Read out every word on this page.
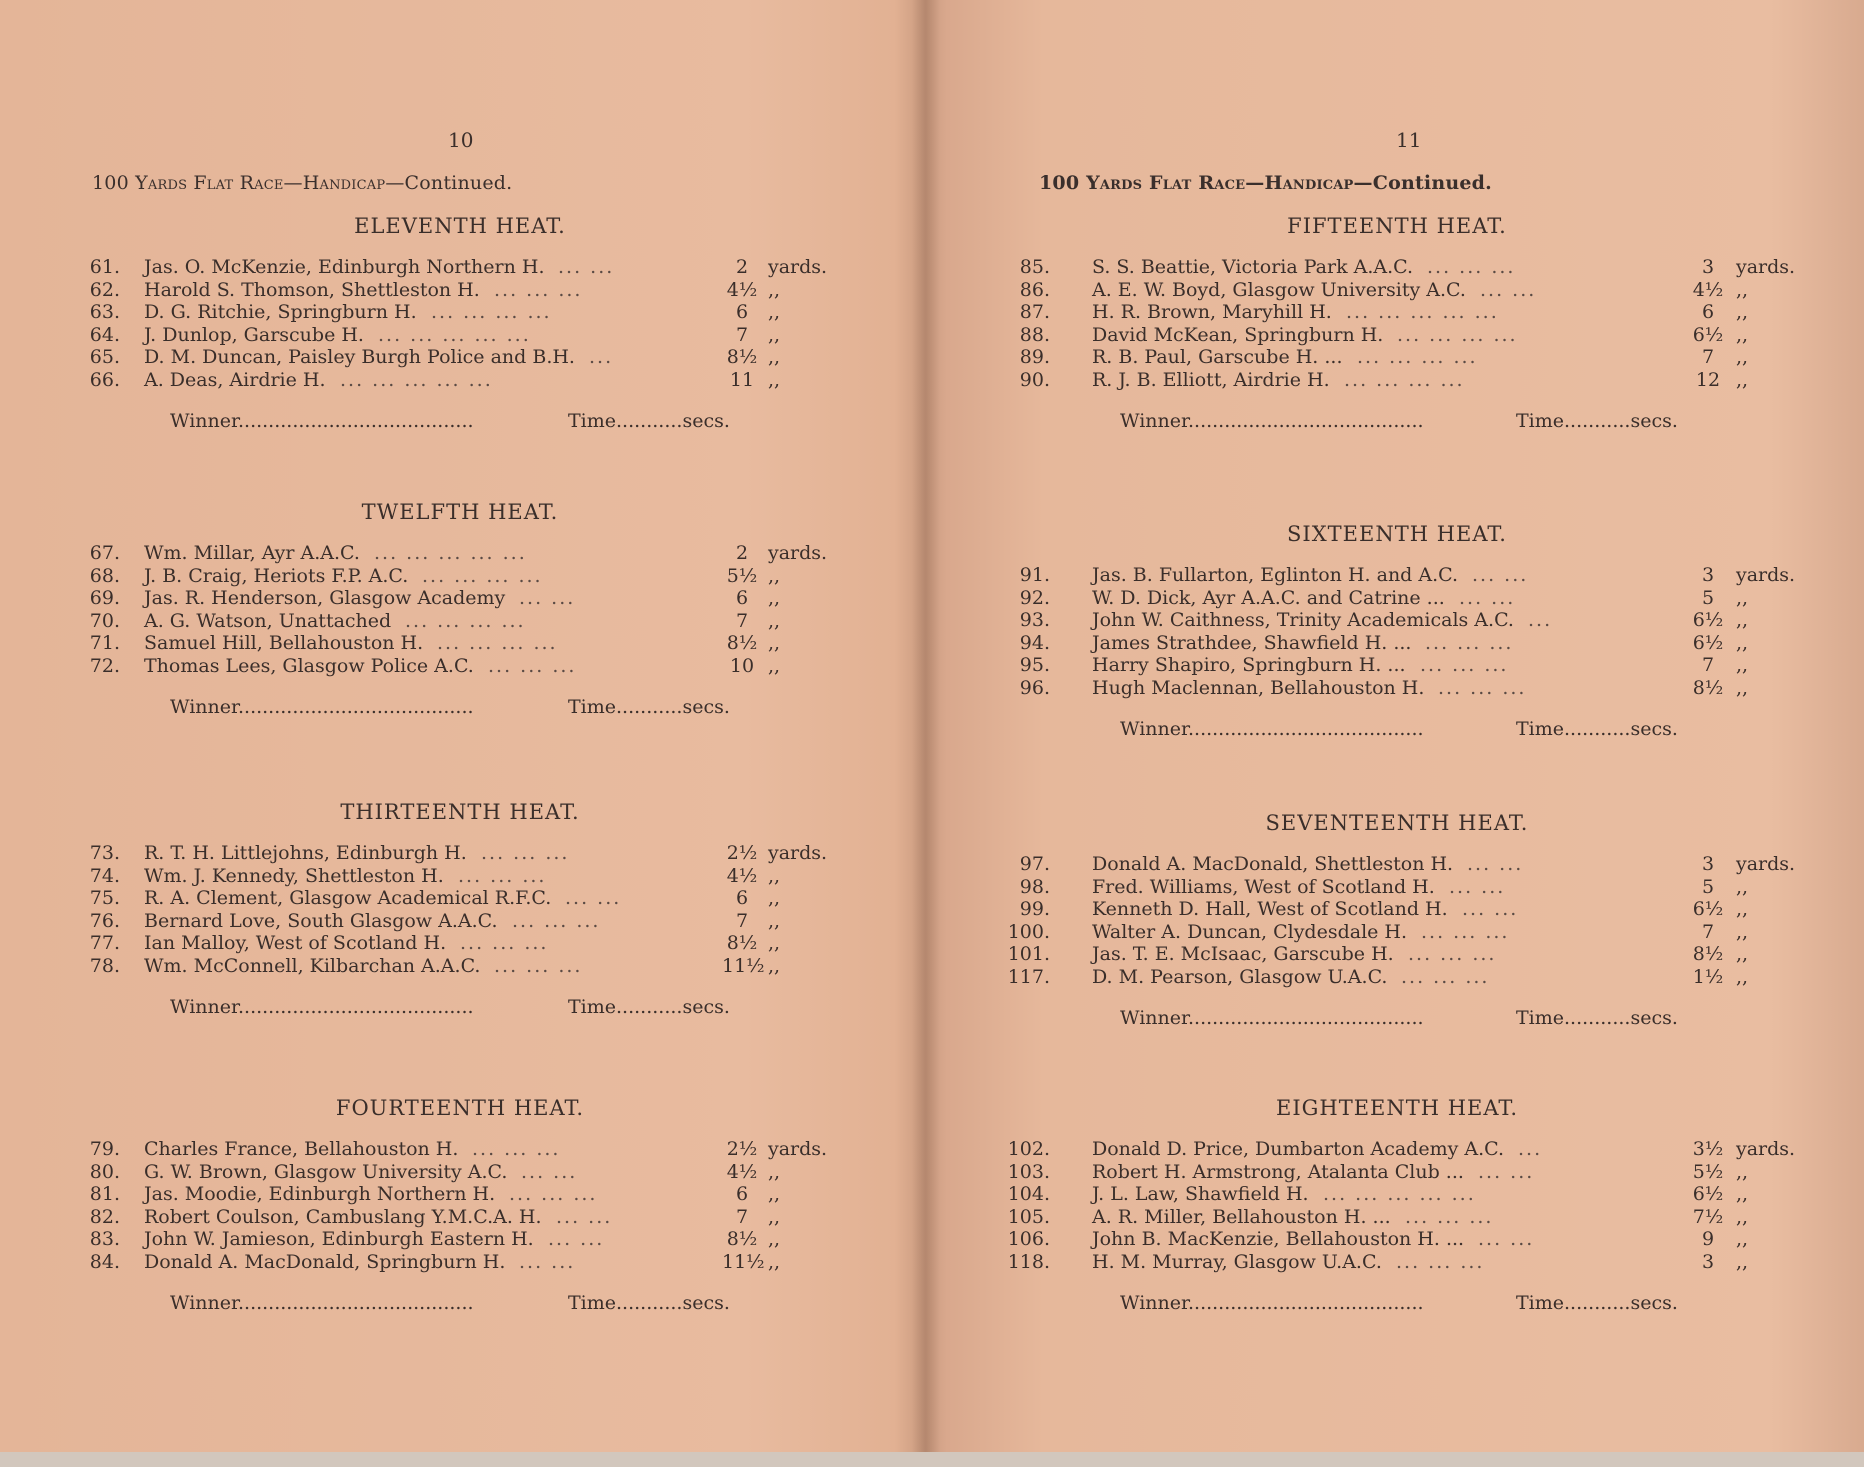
10
100 Yards Flat Race—Handicap—Continued.
ELEVENTH HEAT.
61. Jas. O. McKenzie, Edinburgh Northern H. ... ...	2	yards.
62. Harold S. Thomson, Shettleston H. ... ... ...	4½ ,,
63. D. G. Ritchie, Springburn H. ... ... ... ...	6	,,
64. J. Dunlop, Garscube H. ... ... ... ... ...	7	,,
65. D. M. Duncan, Paisley Burgh Police and B.H. ...	8½ ,,
66. A. Deas, Airdrie H. ... ... ... ... ...	11 ,,
Winner.......................................	Time...........secs.
TWELFTH HEAT.
67. Wm. Millar, Ayr A.A.C. ... ... ... ... ...	2	yards.
68. J. B. Craig, Heriots F.P. A.C. ... ... ... ...	5½ ,,
69. Jas. R. Henderson, Glasgow Academy ... ...	6	,,
70. A. G. Watson, Unattached ... ... ... ...	7	,,
71. Samuel Hill, Bellahouston H. ... ... ... ...	8½ ,,
72. Thomas Lees, Glasgow Police A.C. ... ... ...	10 ,,
Winner.......................................	Time...........secs.
THIRTEENTH HEAT.
73. R. T. H. Littlejohns, Edinburgh H. ... ... ...	2½ yards.
74. Wm. J. Kennedy, Shettleston H. ... ... ...	4½ ,,
75. R. A. Clement, Glasgow Academical R.F.C. ... ...	6	,,
76. Bernard Love, South Glasgow A.A.C. ... ... ...	7	,,
77. Ian Malloy, West of Scotland H. ... ... ...	8½ ,,
78. Wm. McConnell, Kilbarchan A.A.C. ... ... ...	11½ ,,
Winner.......................................	Time...........secs.
FOURTEENTH HEAT.
79. Charles France, Bellahouston H. ... ... ...	2½ yards.
80. G. W. Brown, Glasgow University A.C. ... ...	4½ ,,
81. Jas. Moodie, Edinburgh Northern H. ... ... ...	6	,,
82. Robert Coulson, Cambuslang Y.M.C.A. H. ... ...	7	,,
83. John W. Jamieson, Edinburgh Eastern H. ... ...	8½ ,,
84. Donald A. MacDonald, Springburn H. ... ...	11½ ,,
Winner.......................................	Time...........secs.
11
100 Yards Flat Race—Handicap—Continued.
FIFTEENTH HEAT.
85. S. S. Beattie, Victoria Park A.A.C. ... ... ...	3	yards.
86. A. E. W. Boyd, Glasgow University A.C. ... ...	4½ ,,
87. H. R. Brown, Maryhill H. ... ... ... ... ...	6	,,
88. David McKean, Springburn H. ... ... ... ...	6½ ,,
89. R. B. Paul, Garscube H. ... ... ... ... ...	7	,,
90. R. J. B. Elliott, Airdrie H. ... ... ... ...	12 ,,
Winner.......................................	Time...........secs.
SIXTEENTH HEAT.
91. Jas. B. Fullarton, Eglinton H. and A.C. ... ...	3	yards.
92. W. D. Dick, Ayr A.A.C. and Catrine ... ... ...	5	,,
93. John W. Caithness, Trinity Academicals A.C. ...	6½ ,,
94. James Strathdee, Shawfield H. ... ... ... ...	6½ ,,
95. Harry Shapiro, Springburn H. ... ... ... ...	7	,,
96. Hugh Maclennan, Bellahouston H. ... ... ...	8½ ,,
Winner.......................................	Time...........secs.
SEVENTEENTH HEAT.
97. Donald A. MacDonald, Shettleston H. ... ...	3	yards.
98. Fred. Williams, West of Scotland H. ... ...	5	,,
99. Kenneth D. Hall, West of Scotland H. ... ...	6½ ,,
100. Walter A. Duncan, Clydesdale H. ... ... ...	7	,,
101. Jas. T. E. McIsaac, Garscube H. ... ... ...	8½ ,,
117. D. M. Pearson, Glasgow U.A.C. ... ... ...	1½ ,,
Winner.......................................	Time...........secs.
EIGHTEENTH HEAT.
102. Donald D. Price, Dumbarton Academy A.C. ...	3½ yards.
103. Robert H. Armstrong, Atalanta Club ... ... ...	5½ ,,
104. J. L. Law, Shawfield H. ... ... ... ... ...	6½ ,,
105. A. R. Miller, Bellahouston H. ... ... ... ...	7½ ,,
106. John B. MacKenzie, Bellahouston H. ... ... ...	9	,,
118. H. M. Murray, Glasgow U.A.C. ... ... ...	3	,,
Winner.......................................	Time...........secs.
